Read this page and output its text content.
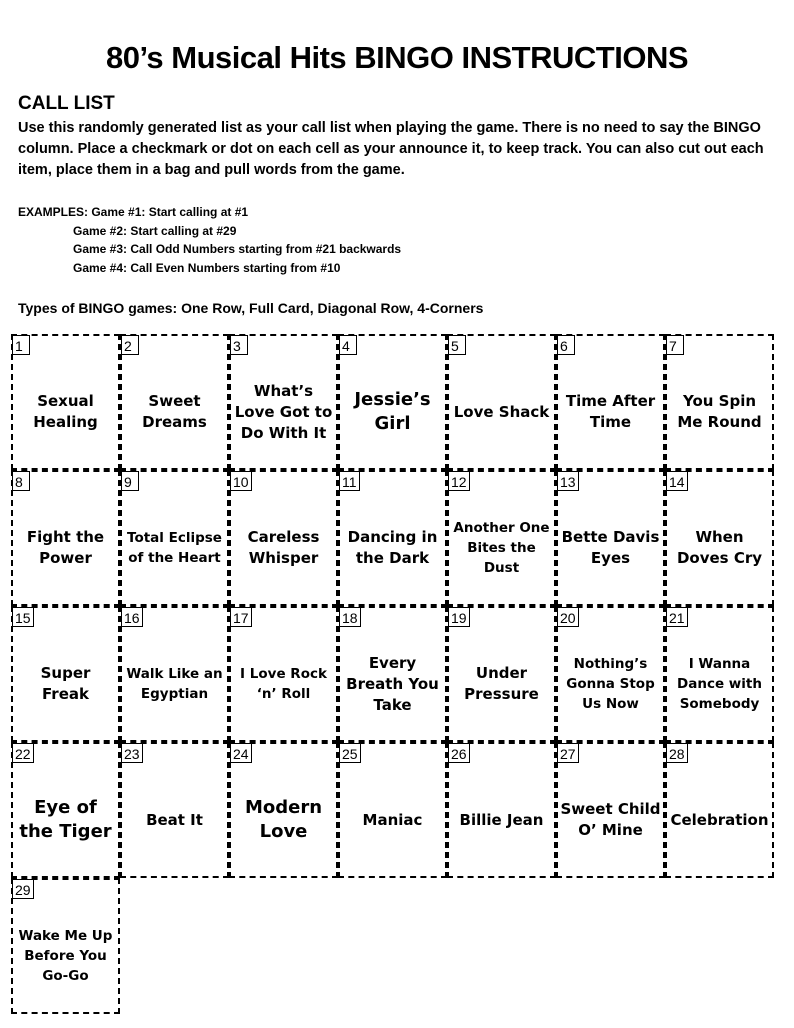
80’s Musical Hits BINGO INSTRUCTIONS
CALL LIST
Use this randomly generated list as your call list when playing the game. There is no need to say the BINGO column. Place a checkmark or dot on each cell as your announce it, to keep track. You can also cut out each item, place them in a bag and pull words from the game.
EXAMPLES: Game #1: Start calling at #1
Game #2: Start calling at #29
Game #3: Call Odd Numbers starting from #21 backwards
Game #4: Call Even Numbers starting from #10
Types of BINGO games: One Row, Full Card, Diagonal Row, 4-Corners
1
Sexual Healing
2
Sweet Dreams
3
What’s Love Got to Do With It
4
Jessie’s Girl
5
Love Shack
6
Time After Time
7
You Spin Me Round
8
Fight the Power
9
Total Eclipse of the Heart
10
Careless Whisper
11
Dancing in the Dark
12
Another One Bites the Dust
13
Bette Davis Eyes
14
When Doves Cry
15
Super Freak
16
Walk Like an Egyptian
17
I Love Rock ‘n’ Roll
18
Every Breath You Take
19
Under Pressure
20
Nothing’s Gonna Stop Us Now
21
I Wanna Dance with Somebody
22
Eye of the Tiger
23
Beat It
24
Modern Love
25
Maniac
26
Billie Jean
27
Sweet Child O’ Mine
28
Celebration
29
Wake Me Up Before You Go-Go
